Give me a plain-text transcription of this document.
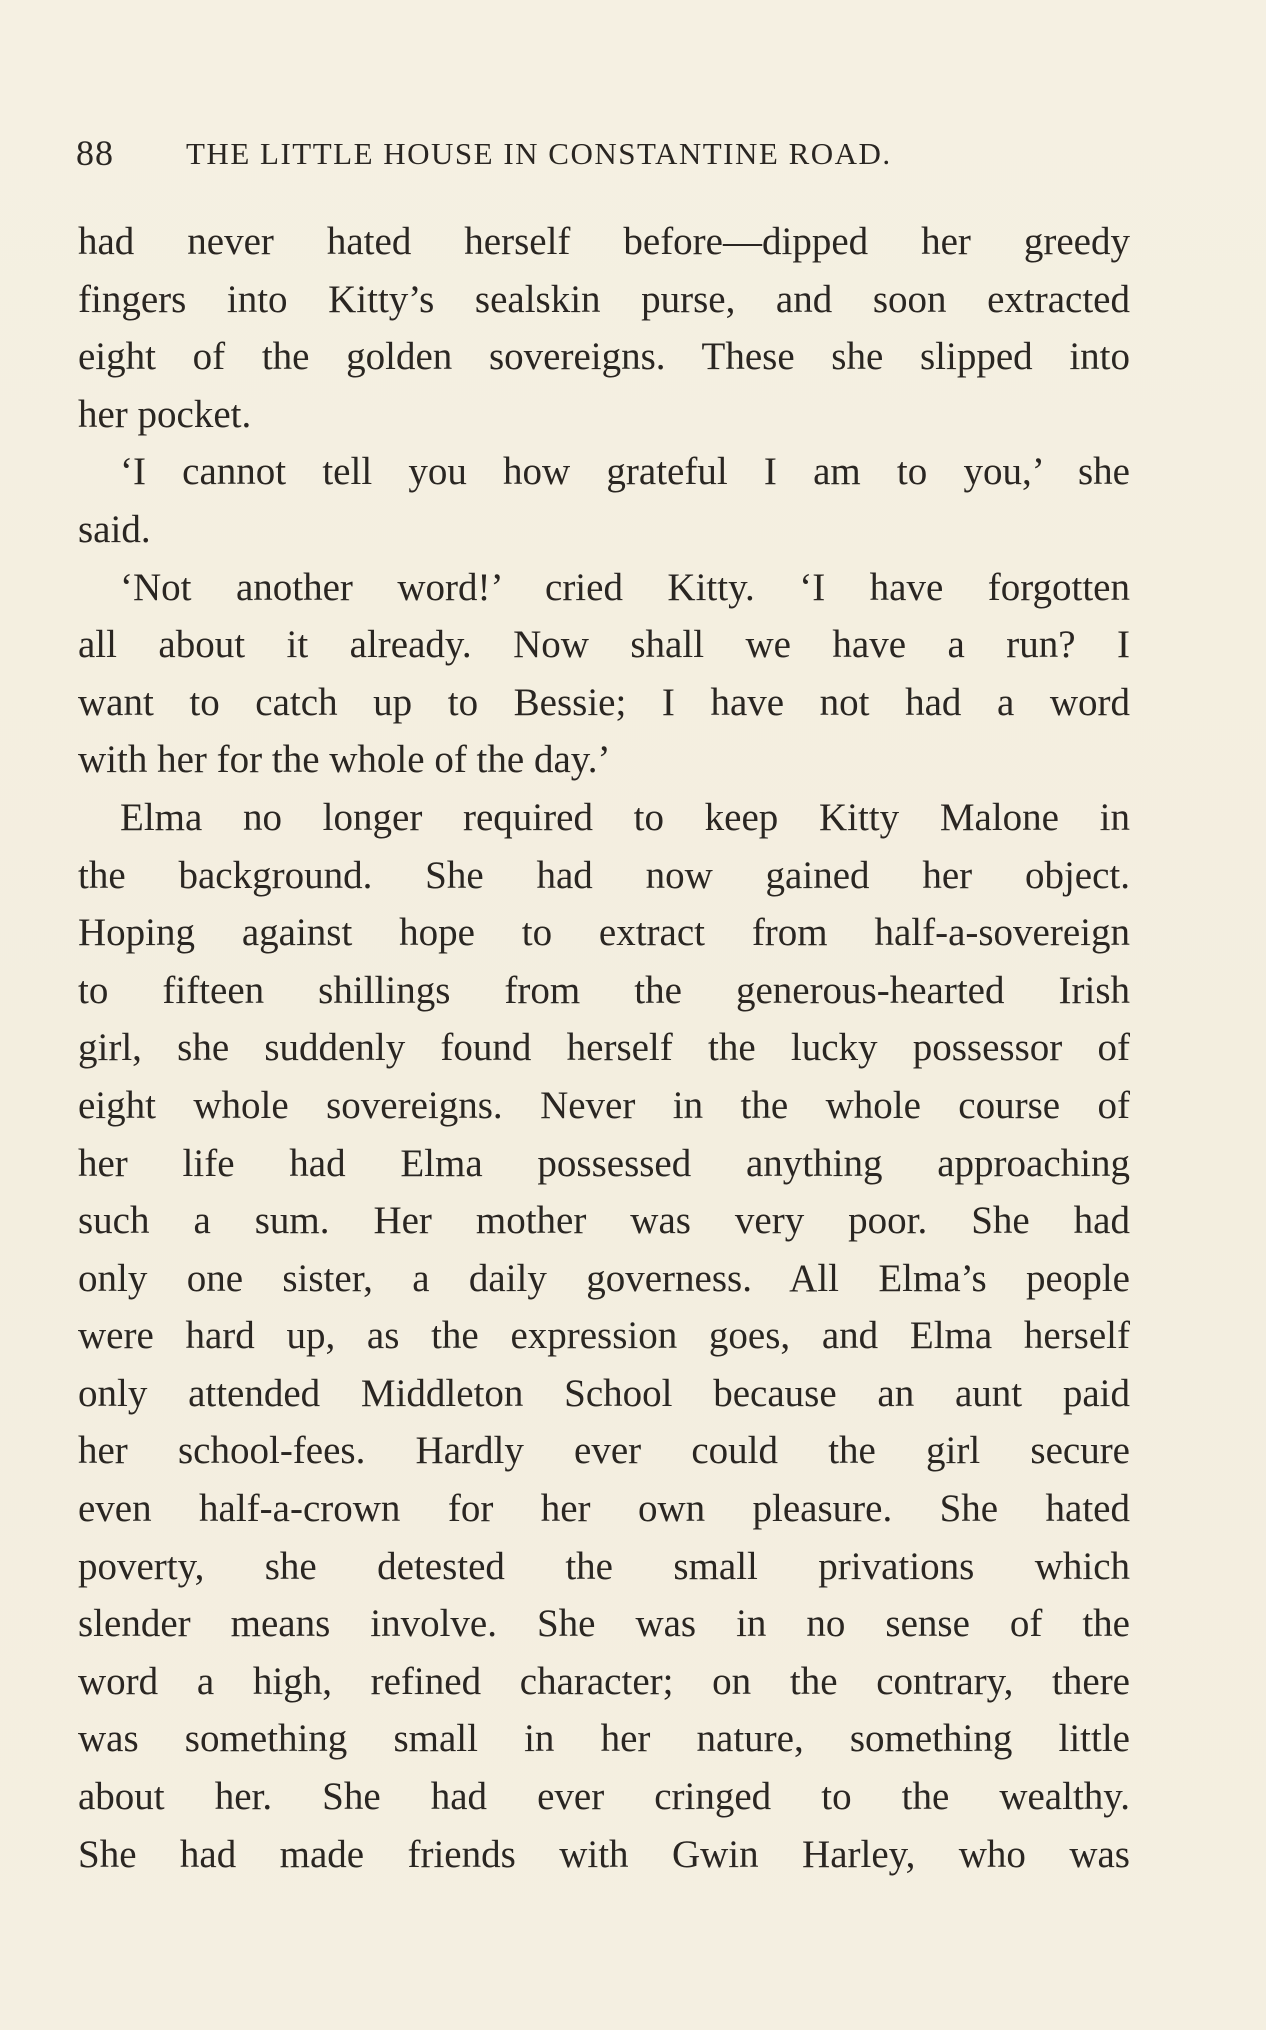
88 THE LITTLE HOUSE IN CONSTANTINE ROAD.
had never hated herself before—dipped her greedy
fingers into Kitty’s sealskin purse, and soon extracted
eight of the golden sovereigns. These she slipped into
her pocket.
‘I cannot tell you how grateful I am to you,’ she
said.
‘Not another word!’ cried Kitty. ‘I have forgotten
all about it already. Now shall we have a run? I
want to catch up to Bessie; I have not had a word
with her for the whole of the day.’
Elma no longer required to keep Kitty Malone in
the background. She had now gained her object.
Hoping against hope to extract from half-a-sovereign
to fifteen shillings from the generous-hearted Irish
girl, she suddenly found herself the lucky possessor of
eight whole sovereigns. Never in the whole course of
her life had Elma possessed anything approaching
such a sum. Her mother was very poor. She had
only one sister, a daily governess. All Elma’s people
were hard up, as the expression goes, and Elma herself
only attended Middleton School because an aunt paid
her school-fees. Hardly ever could the girl secure
even half-a-crown for her own pleasure. She hated
poverty, she detested the small privations which
slender means involve. She was in no sense of the
word a high, refined character; on the contrary, there
was something small in her nature, something little
about her. She had ever cringed to the wealthy.
She had made friends with Gwin Harley, who was
